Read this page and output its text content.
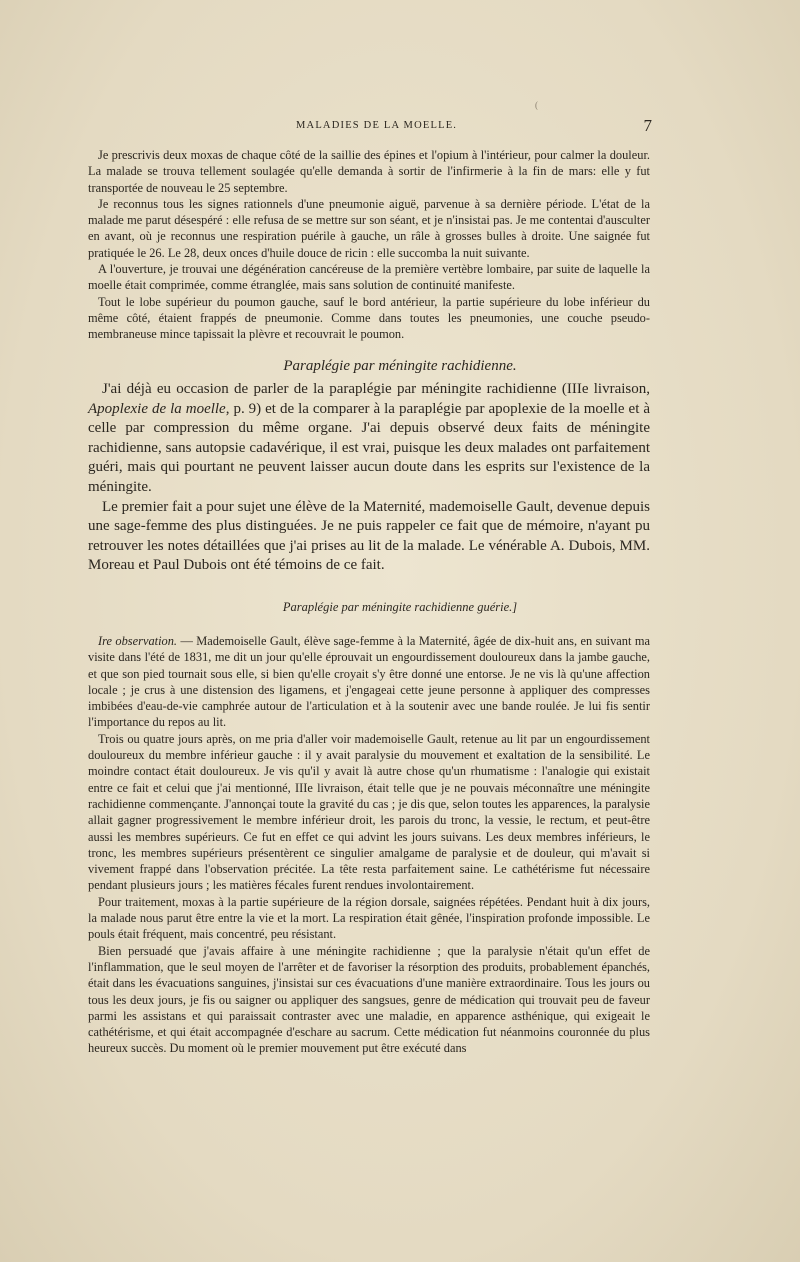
(
MALADIES DE LA MOELLE.	7

Je prescrivis deux moxas de chaque côté de la saillie des épines et l'opium à l'intérieur, pour calmer la douleur. La malade se trouva tellement soulagée qu'elle demanda à sortir de l'infirmerie à la fin de mars: elle y fut transportée de nouveau le 25 septembre.

Je reconnus tous les signes rationnels d'une pneumonie aiguë, parvenue à sa dernière période. L'état de la malade me parut désespéré : elle refusa de se mettre sur son séant, et je n'insistai pas. Je me contentai d'ausculter en avant, où je reconnus une respiration puérile à gauche, un râle à grosses bulles à droite. Une saignée fut pratiquée le 26. Le 28, deux onces d'huile douce de ricin : elle succomba la nuit suivante.

A l'ouverture, je trouvai une dégénération cancéreuse de la première vertèbre lombaire, par suite de laquelle la moelle était comprimée, comme étranglée, mais sans solution de continuité manifeste.

Tout le lobe supérieur du poumon gauche, sauf le bord antérieur, la partie supérieure du lobe inférieur du même côté, étaient frappés de pneumonie. Comme dans toutes les pneumonies, une couche pseudo-membraneuse mince tapissait la plèvre et recouvrait le poumon.

Paraplégie par méningite rachidienne.

J'ai déjà eu occasion de parler de la paraplégie par méningite rachidienne (IIIe livraison, Apoplexie de la moelle, p. 9) et de la comparer à la paraplégie par apoplexie de la moelle et à celle par compression du même organe. J'ai depuis observé deux faits de méningite rachidienne, sans autopsie cadavérique, il est vrai, puisque les deux malades ont parfaitement guéri, mais qui pourtant ne peuvent laisser aucun doute dans les esprits sur l'existence de la méningite.

Le premier fait a pour sujet une élève de la Maternité, mademoiselle Gault, devenue depuis une sage-femme des plus distinguées. Je ne puis rappeler ce fait que de mémoire, n'ayant pu retrouver les notes détaillées que j'ai prises au lit de la malade. Le vénérable A. Dubois, MM. Moreau et Paul Dubois ont été témoins de ce fait.

Paraplégie par méningite rachidienne guérie.]

Ire observation. — Mademoiselle Gault, élève sage-femme à la Maternité, âgée de dix-huit ans, en suivant ma visite dans l'été de 1831, me dit un jour qu'elle éprouvait un engourdissement douloureux dans la jambe gauche, et que son pied tournait sous elle, si bien qu'elle croyait s'y être donné une entorse. Je ne vis là qu'une affection locale ; je crus à une distension des ligamens, et j'engageai cette jeune personne à appliquer des compresses imbibées d'eau-de-vie camphrée autour de l'articulation et à la soutenir avec une bande roulée. Je lui fis sentir l'importance du repos au lit.

Trois ou quatre jours après, on me pria d'aller voir mademoiselle Gault, retenue au lit par un engourdissement douloureux du membre inférieur gauche : il y avait paralysie du mouvement et exaltation de la sensibilité. Le moindre contact était douloureux. Je vis qu'il y avait là autre chose qu'un rhumatisme : l'analogie qui existait entre ce fait et celui que j'ai mentionné, IIIe livraison, était telle que je ne pouvais méconnaître une méningite rachidienne commençante. J'annonçai toute la gravité du cas ; je dis que, selon toutes les apparences, la paralysie allait gagner progressivement le membre inférieur droit, les parois du tronc, la vessie, le rectum, et peut-être aussi les membres supérieurs. Ce fut en effet ce qui advint les jours suivans. Les deux membres inférieurs, le tronc, les membres supérieurs présentèrent ce singulier amalgame de paralysie et de douleur, qui m'avait si vivement frappé dans l'observation précitée. La tête resta parfaitement saine. Le cathétérisme fut nécessaire pendant plusieurs jours ; les matières fécales furent rendues involontairement.

Pour traitement, moxas à la partie supérieure de la région dorsale, saignées répétées. Pendant huit à dix jours, la malade nous parut être entre la vie et la mort. La respiration était gênée, l'inspiration profonde impossible. Le pouls était fréquent, mais concentré, peu résistant.

Bien persuadé que j'avais affaire à une méningite rachidienne ; que la paralysie n'était qu'un effet de l'inflammation, que le seul moyen de l'arrêter et de favoriser la résorption des produits, probablement épanchés, était dans les évacuations sanguines, j'insistai sur ces évacuations d'une manière extraordinaire. Tous les jours ou tous les deux jours, je fis ou saigner ou appliquer des sangsues, genre de médication qui trouvait peu de faveur parmi les assistans et qui paraissait contraster avec une maladie, en apparence asthénique, qui exigeait le cathétérisme, et qui était accompagnée d'eschare au sacrum. Cette médication fut néanmoins couronnée du plus heureux succès. Du moment où le premier mouvement put être exécuté dans
